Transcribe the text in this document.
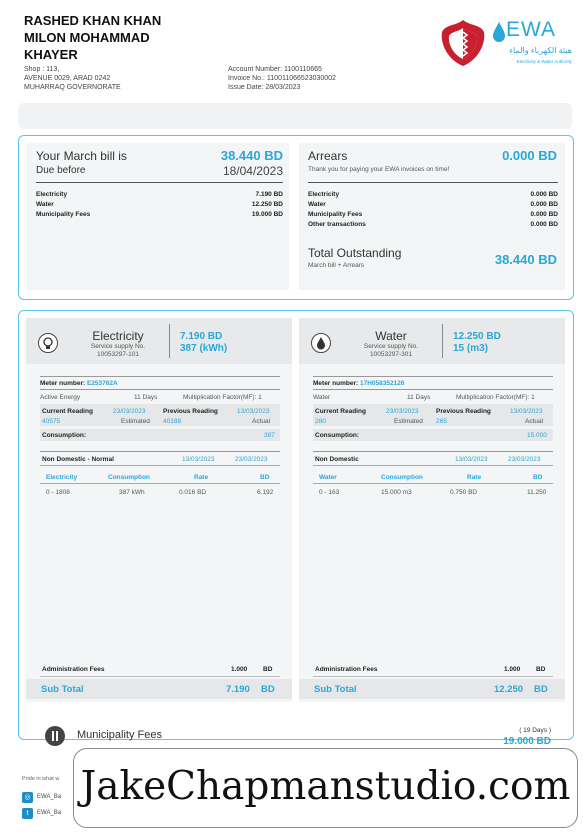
RASHED KHAN KHAN
MILON MOHAMMAD
KHAYER
Shop : 113,
AVENUE 0029, ARAD 0242
MUHARRAQ GOVERNORATE
Account Number: 1100110665
Invoice No.: 110011066523030002
Issue Date: 28/03/2023
EWA
هيئة الكهرباء والماء
Electricity & Water Authority
Your March bill is	38.440 BD
Due before	18/04/2023
Electricity	7.190 BD
Water	12.250 BD
Municipality Fees	19.000 BD
Arrears	0.000 BD
Thank you for paying your EWA invoices on time!
Electricity	0.000 BD
Water	0.000 BD
Municipality Fees	0.000 BD
Other transactions	0.000 BD
Total Outstanding
March bill + Arrears	38.440 BD
Electricity
Service supply No.
10053297-101
7.190 BD
387 (kWh)
Meter number: E253762A
Active Energy	11 Days	Multiplication Factor(MF): 1
Current Reading	23/03/2023
40575	Estimated
Previous Reading	13/03/2023
40188	Actual
Consumption:	387
Non Domestic - Normal	13/03/2023	23/03/2023
Electricity	Consumption	Rate	BD
0 - 1808	387 kWh	0.016 BD	6.192
Administration Fees	1.000 BD
Sub Total	7.190 BD
Water
Service supply No.
10053297-301
12.250 BD
15 (m3)
Meter number: 17H058352126
Water	11 Days	Multiplication Factor(MF): 1
Current Reading	23/03/2023
280	Estimated
Previous Reading	13/03/2023
265	Actual
Consumption:	15.000
Non Domestic	13/03/2023	23/03/2023
Water	Consumption	Rate	BD
0 - 163	15.000 m3	0.750 BD	11.250
Administration Fees	1.000 BD
Sub Total	12.250 BD
Municipality Fees	( 19 Days )
19.000 BD
Pride in what w
◎	EWA_Ba
t	EWA_Ba
JakeChapmanstudio.com
